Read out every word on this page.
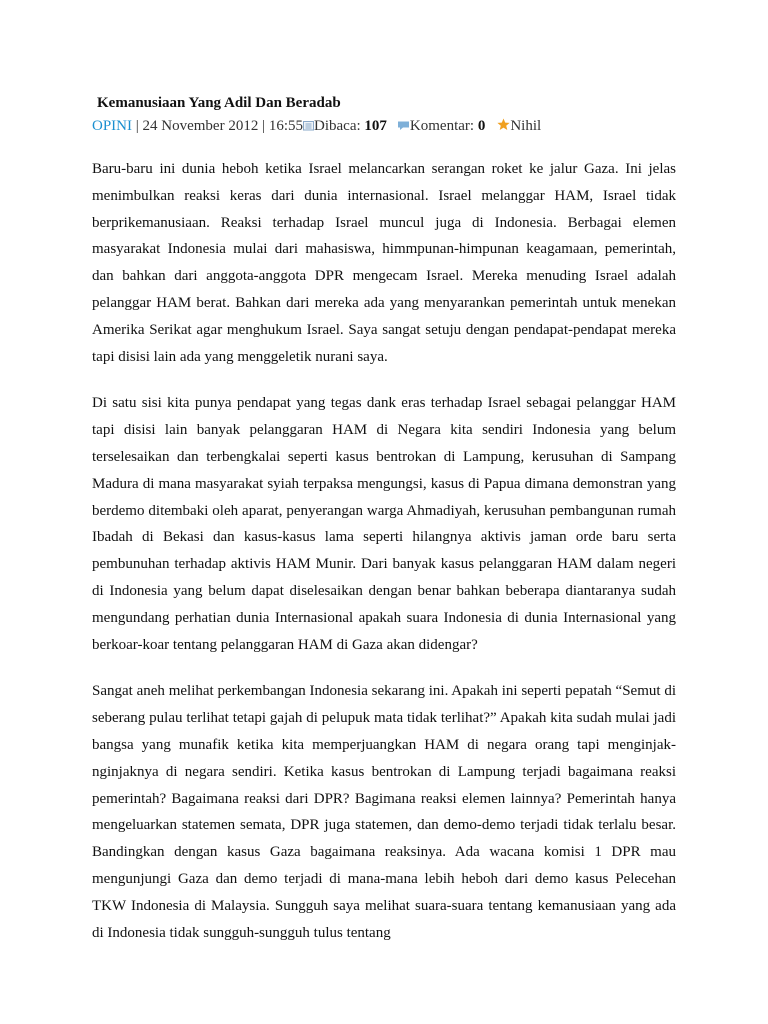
Kemanusiaan Yang Adil Dan Beradab
OPINI | 24 November 2012 | 16:55 Dibaca: 107 Komentar: 0 Nihil

Baru-baru ini dunia heboh ketika Israel melancarkan serangan roket ke jalur Gaza. Ini jelas menimbulkan reaksi keras dari dunia internasional. Israel melanggar HAM, Israel tidak berprikemanusiaan. Reaksi terhadap Israel muncul juga di Indonesia. Berbagai elemen masyarakat Indonesia mulai dari mahasiswa, himmpunan-himpunan keagamaan, pemerintah, dan bahkan dari anggota-anggota DPR mengecam Israel. Mereka menuding Israel adalah pelanggar HAM berat. Bahkan dari mereka ada yang menyarankan pemerintah untuk menekan Amerika Serikat agar menghukum Israel. Saya sangat setuju dengan pendapat-pendapat mereka tapi disisi lain ada yang menggeletik nurani saya.

Di satu sisi kita punya pendapat yang tegas dank eras terhadap Israel sebagai pelanggar HAM tapi disisi lain banyak pelanggaran HAM di Negara kita sendiri Indonesia yang belum terselesaikan dan terbengkalai seperti kasus bentrokan di Lampung, kerusuhan di Sampang Madura di mana masyarakat syiah terpaksa mengungsi, kasus di Papua dimana demonstran yang berdemo ditembaki oleh aparat, penyerangan warga Ahmadiyah, kerusuhan pembangunan rumah Ibadah di Bekasi dan kasus-kasus lama seperti hilangnya aktivis jaman orde baru serta pembunuhan terhadap aktivis HAM Munir. Dari banyak kasus pelanggaran HAM dalam negeri di Indonesia yang belum dapat diselesaikan dengan benar bahkan beberapa diantaranya sudah mengundang perhatian dunia Internasional apakah suara Indonesia di dunia Internasional yang berkoar-koar tentang pelanggaran HAM di Gaza akan didengar?

Sangat aneh melihat perkembangan Indonesia sekarang ini. Apakah ini seperti pepatah “Semut di seberang pulau terlihat tetapi gajah di pelupuk mata tidak terlihat?” Apakah kita sudah mulai jadi bangsa yang munafik ketika kita memperjuangkan HAM di negara orang tapi menginjak-nginjaknya di negara sendiri. Ketika kasus bentrokan di Lampung terjadi bagaimana reaksi pemerintah? Bagaimana reaksi dari DPR? Bagimana reaksi elemen lainnya? Pemerintah hanya mengeluarkan statemen semata, DPR juga statemen, dan demo-demo terjadi tidak terlalu besar. Bandingkan dengan kasus Gaza bagaimana reaksinya. Ada wacana komisi 1 DPR mau mengunjungi Gaza dan demo terjadi di mana-mana lebih heboh dari demo kasus Pelecehan TKW Indonesia di Malaysia. Sungguh saya melihat suara-suara tentang kemanusiaan yang ada di Indonesia tidak sungguh-sungguh tulus tentang
